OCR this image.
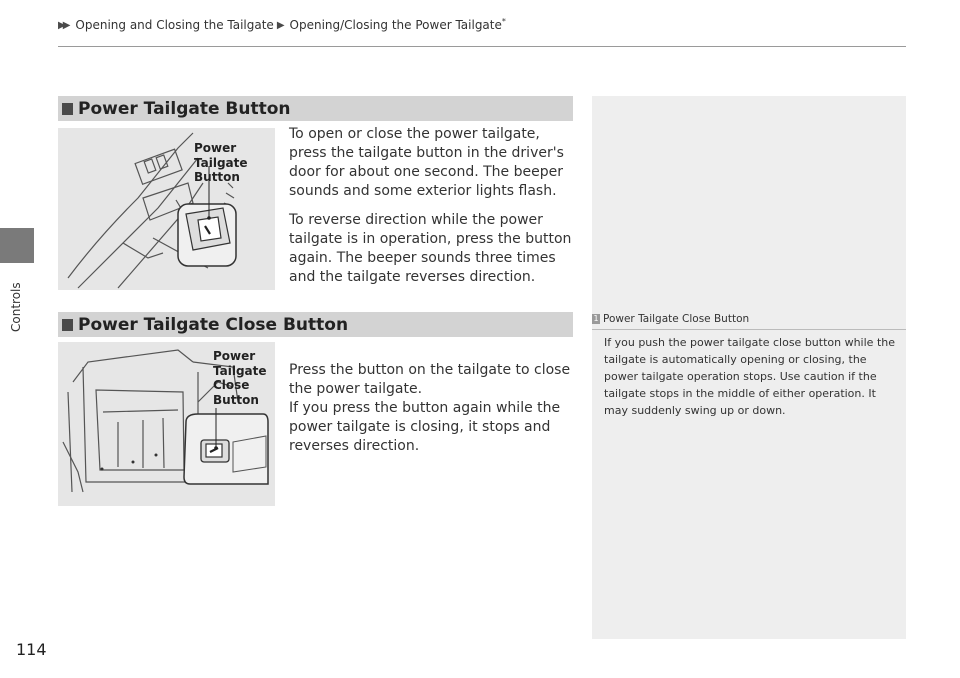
Controls
▶▶ Opening and Closing the Tailgate ▶ Opening/Closing the Power Tailgate*
Power Tailgate Button
Power
Tailgate
Button

To open or close the power tailgate, press the tailgate button in the driver's door for about one second. The beeper sounds and some exterior lights flash.

To reverse direction while the power tailgate is in operation, press the button again. The beeper sounds three times and the tailgate reverses direction.

Power Tailgate Close Button
Power
Tailgate
Close
Button

Press the button on the tailgate to close the power tailgate.
If you press the button again while the power tailgate is closing, it stops and reverses direction.

1 Power Tailgate Close Button
If you push the power tailgate close button while the tailgate is automatically opening or closing, the power tailgate operation stops. Use caution if the tailgate stops in the middle of either operation. It may suddenly swing up or down.
114
